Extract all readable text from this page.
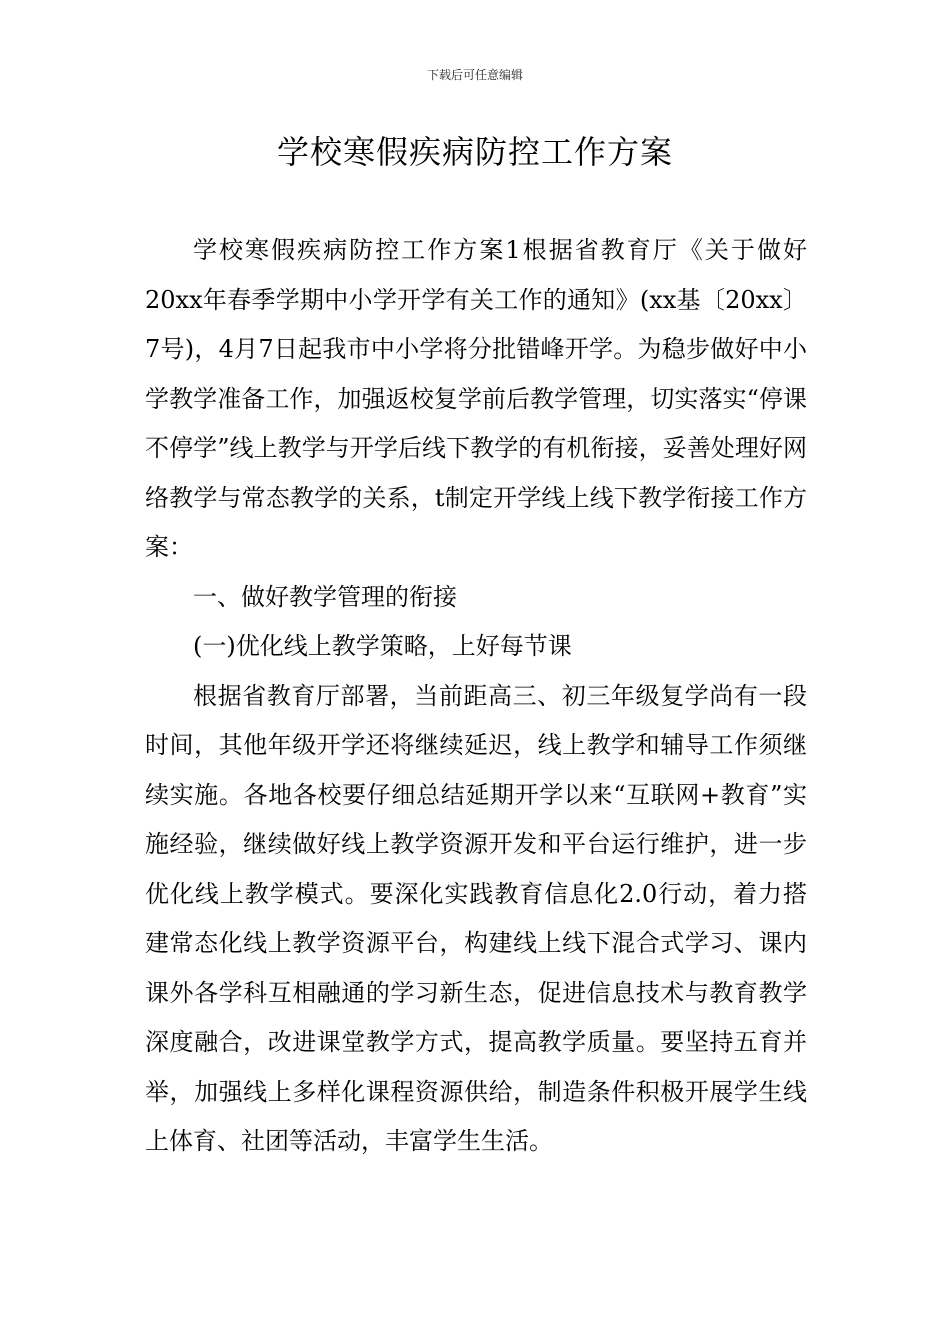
下载后可任意编辑
学校寒假疾病防控工作方案

学校寒假疾病防控工作方案1根据省教育厅《关于做好20xx年春季学期中小学开学有关工作的通知》(xx基〔20xx〕7号)，4月7日起我市中小学将分批错峰开学。为稳步做好中小学教学准备工作，加强返校复学前后教学管理，切实落实“停课不停学”线上教学与开学后线下教学的有机衔接，妥善处理好网络教学与常态教学的关系，t制定开学线上线下教学衔接工作方案：

一、做好教学管理的衔接

(一)优化线上教学策略，上好每节课

根据省教育厅部署，当前距高三、初三年级复学尚有一段时间，其他年级开学还将继续延迟，线上教学和辅导工作须继续实施。各地各校要仔细总结延期开学以来“互联网+教育”实施经验，继续做好线上教学资源开发和平台运行维护，进一步优化线上教学模式。要深化实践教育信息化2.0行动，着力搭建常态化线上教学资源平台，构建线上线下混合式学习、课内课外各学科互相融通的学习新生态，促进信息技术与教育教学深度融合，改进课堂教学方式，提高教学质量。要坚持五育并举，加强线上多样化课程资源供给，制造条件积极开展学生线上体育、社团等活动，丰富学生生活。
